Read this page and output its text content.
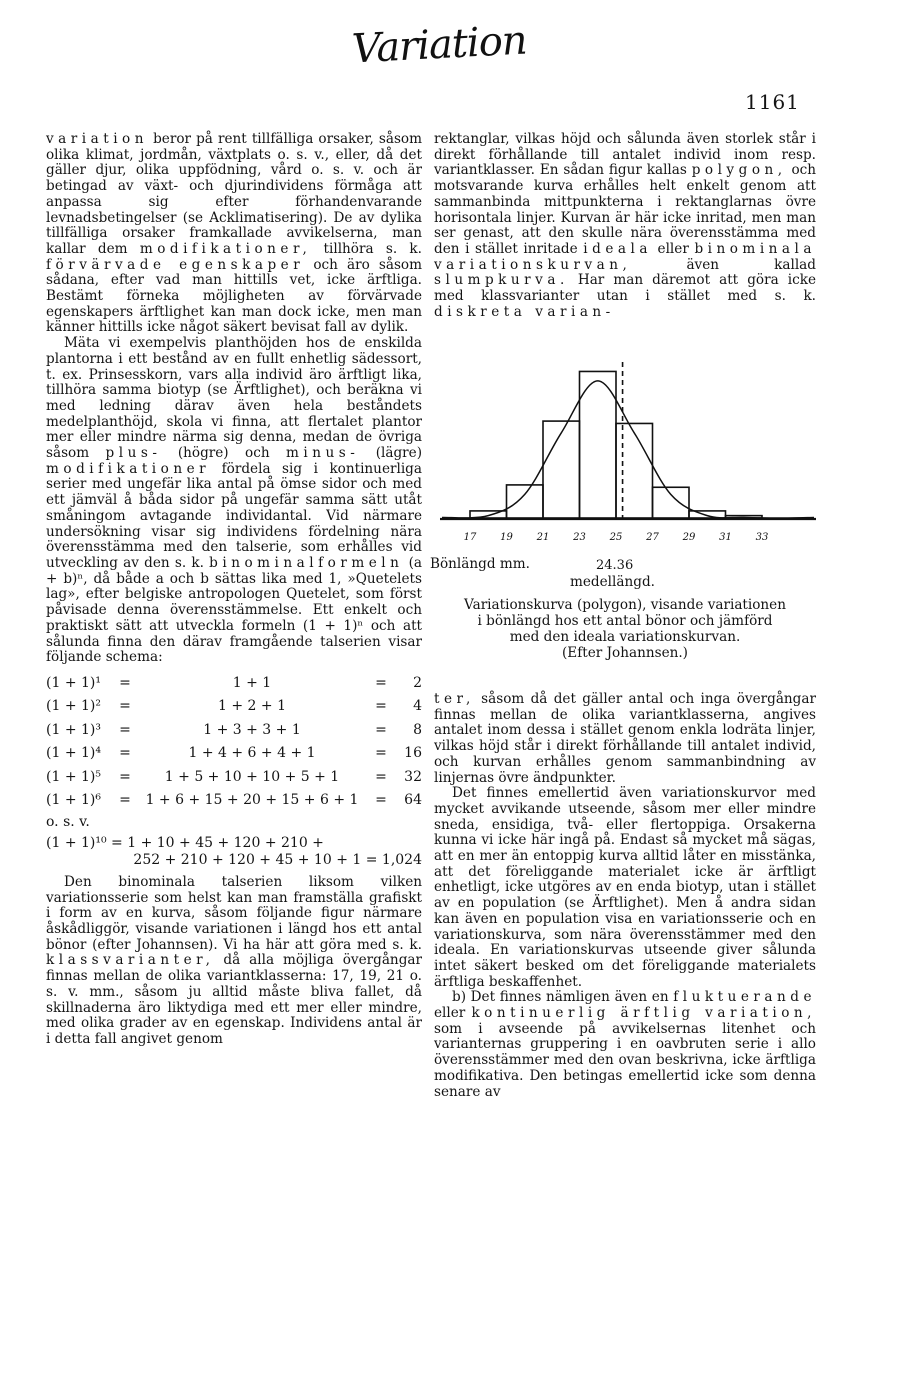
Variation
1161

variation beror på rent tillfälliga orsaker, såsom olika klimat, jordmån, växtplats o. s. v., eller, då det gäller djur, olika uppfödning, vård o. s. v. och är betingad av växt- och djurindividens förmåga att anpassa sig efter förhandenvarande levnadsbetingelser (se Acklimatisering). De av dylika tillfälliga orsaker framkallade avvikelserna, man kallar dem modifikationer, tillhöra s. k. förvärvade egenskaper och äro såsom sådana, efter vad man hittills vet, icke ärftliga. Bestämt förneka möjligheten av förvärvade egenskapers ärftlighet kan man dock icke, men man känner hittills icke något säkert bevisat fall av dylik.

Mäta vi exempelvis planthöjden hos de enskilda plantorna i ett bestånd av en fullt enhetlig sädessort, t. ex. Prinsesskorn, vars alla individ äro ärftligt lika, tillhöra samma biotyp (se Ärftlighet), och beräkna vi med ledning därav även hela beståndets medelplanthöjd, skola vi finna, att flertalet plantor mer eller mindre närma sig denna, medan de övriga såsom plus- (högre) och minus- (lägre) modifikationer fördela sig i kontinuerliga serier med ungefär lika antal på ömse sidor och med ett jämväl å båda sidor på ungefär samma sätt utåt småningom avtagande individantal. Vid närmare undersökning visar sig individens fördelning nära överensstämma med den talserie, som erhålles vid utveckling av den s. k. binominalformeln (a + b)ⁿ, då både a och b sättas lika med 1, »Quetelets lag», efter belgiske antropologen Quetelet, som först påvisade denna överensstämmelse. Ett enkelt och praktiskt sätt att utveckla formeln (1 + 1)ⁿ och att sålunda finna den därav framgående talserien visar följande schema:

(1 + 1)¹	=	1 + 1	=	2
(1 + 1)²	=	1 + 2 + 1	=	4
(1 + 1)³	=	1 + 3 + 3 + 1	=	8
(1 + 1)⁴	=	1 + 4 + 6 + 4 + 1	=	16
(1 + 1)⁵	=	1 + 5 + 10 + 10 + 5 + 1	=	32
(1 + 1)⁶	=	1 + 6 + 15 + 20 + 15 + 6 + 1	=	64
o. s. v.
(1 + 1)¹⁰ = 1 + 10 + 45 + 120 + 210 +
252 + 210 + 120 + 45 + 10 + 1 = 1,024

Den binominala talserien liksom vilken variationsserie som helst kan man framställa grafiskt i form av en kurva, såsom följande figur närmare åskådliggör, visande variationen i längd hos ett antal bönor (efter Johannsen). Vi ha här att göra med s. k. klassvarianter, då alla möjliga övergångar finnas mellan de olika variantklasserna: 17, 19, 21 o. s. v. mm., såsom ju alltid måste bliva fallet, då skillnaderna äro liktydiga med ett mer eller mindre, med olika grader av en egenskap. Individens antal är i detta fall angivet genom

rektanglar, vilkas höjd och sålunda även storlek står i direkt förhållande till antalet individ inom resp. variantklasser. En sådan figur kallas polygon, och motsvarande kurva erhålles helt enkelt genom att sammanbinda mittpunkterna i rektanglarnas övre horisontala linjer. Kurvan är här icke inritad, men man ser genast, att den skulle nära överensstämma med den i stället inritade ideala eller binominala variationskurvan, även kallad slumpkurva. Har man däremot att göra icke med klassvarianter utan i stället med s. k. diskreta varian-

17 19 21 23 25 27 29 31 33
Bönlängd mm.	24.36
medellängd.
Variationskurva (polygon), visande variationen
i bönlängd hos ett antal bönor och jämförd
med den ideala variationskurvan.
(Efter Johannsen.)

ter, såsom då det gäller antal och inga övergångar finnas mellan de olika variantklasserna, angives antalet inom dessa i stället genom enkla lodräta linjer, vilkas höjd står i direkt förhållande till antalet individ, och kurvan erhålles genom sammanbindning av linjernas övre ändpunkter.

Det finnes emellertid även variationskurvor med mycket avvikande utseende, såsom mer eller mindre sneda, ensidiga, två- eller flertoppiga. Orsakerna kunna vi icke här ingå på. Endast så mycket må sägas, att en mer än entoppig kurva alltid låter en misstänka, att det föreliggande materialet icke är ärftligt enhetligt, icke utgöres av en enda biotyp, utan i stället av en population (se Ärftlighet). Men å andra sidan kan även en population visa en variationsserie och en variationskurva, som nära överensstämmer med den ideala. En variationskurvas utseende giver sålunda intet säkert besked om det föreliggande materialets ärftliga beskaffenhet.

b) Det finnes nämligen även en fluktuerande eller kontinuerlig ärftlig variation, som i avseende på avvikelsernas litenhet och varianternas gruppering i en oavbruten serie i allo överensstämmer med den ovan beskrivna, icke ärftliga modifikativa. Den betingas emellertid icke som denna senare av
